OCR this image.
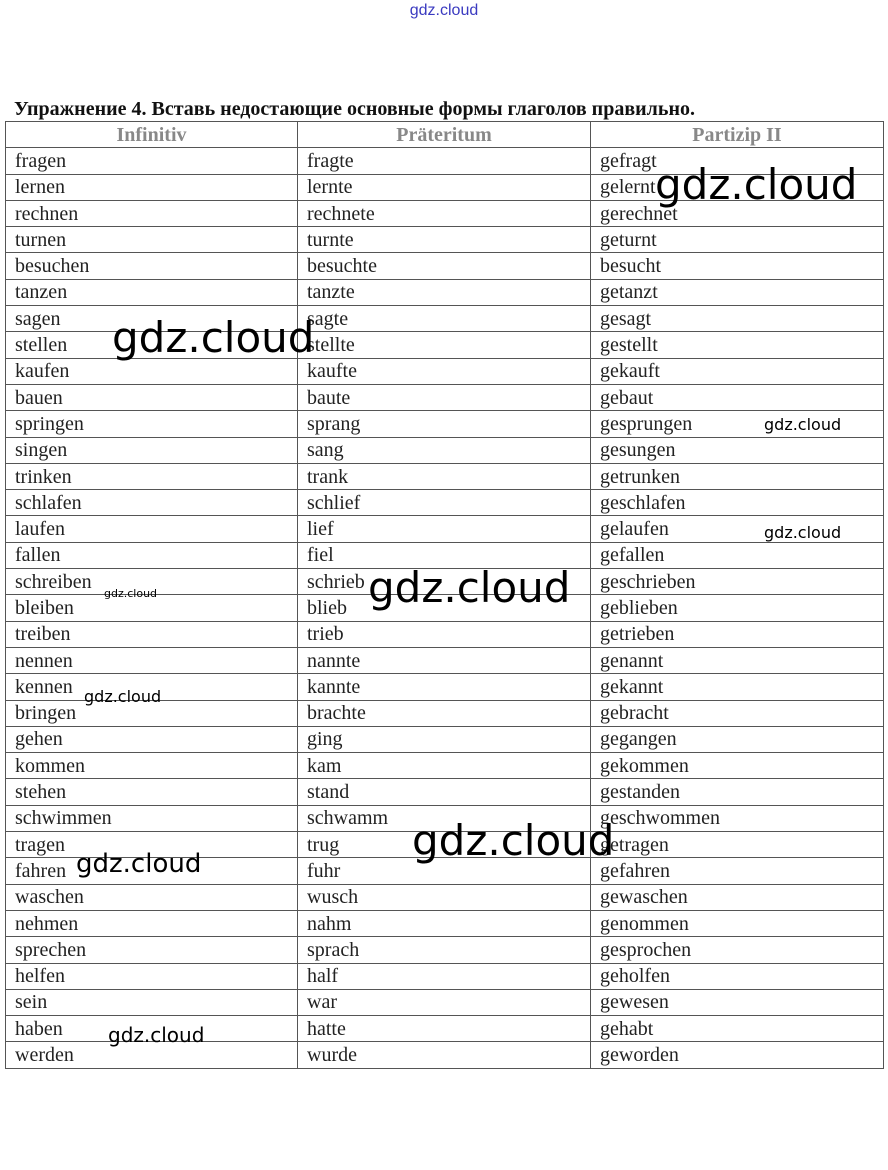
gdz.cloud
Упражнение 4. Вставь недостающие основные формы глаголов правильно.
Infinitiv	Präteritum	Partizip II
fragen	fragte	gefragt
lernen	lernte	gelernt
rechnen	rechnete	gerechnet
turnen	turnte	geturnt
besuchen	besuchte	besucht
tanzen	tanzte	getanzt
sagen	sagte	gesagt
stellen	stellte	gestellt
kaufen	kaufte	gekauft
bauen	baute	gebaut
springen	sprang	gesprungen
singen	sang	gesungen
trinken	trank	getrunken
schlafen	schlief	geschlafen
laufen	lief	gelaufen
fallen	fiel	gefallen
schreiben	schrieb	geschrieben
bleiben	blieb	geblieben
treiben	trieb	getrieben
nennen	nannte	genannt
kennen	kannte	gekannt
bringen	brachte	gebracht
gehen	ging	gegangen
kommen	kam	gekommen
stehen	stand	gestanden
schwimmen	schwamm	geschwommen
tragen	trug	getragen
fahren	fuhr	gefahren
waschen	wusch	gewaschen
nehmen	nahm	genommen
sprechen	sprach	gesprochen
helfen	half	geholfen
sein	war	gewesen
haben	hatte	gehabt
werden	wurde	geworden
gdz.cloud
gdz.cloud
gdz.cloud
gdz.cloud
gdz.cloud
gdz.cloud
gdz.cloud
gdz.cloud
gdz.cloud
gdz.cloud
